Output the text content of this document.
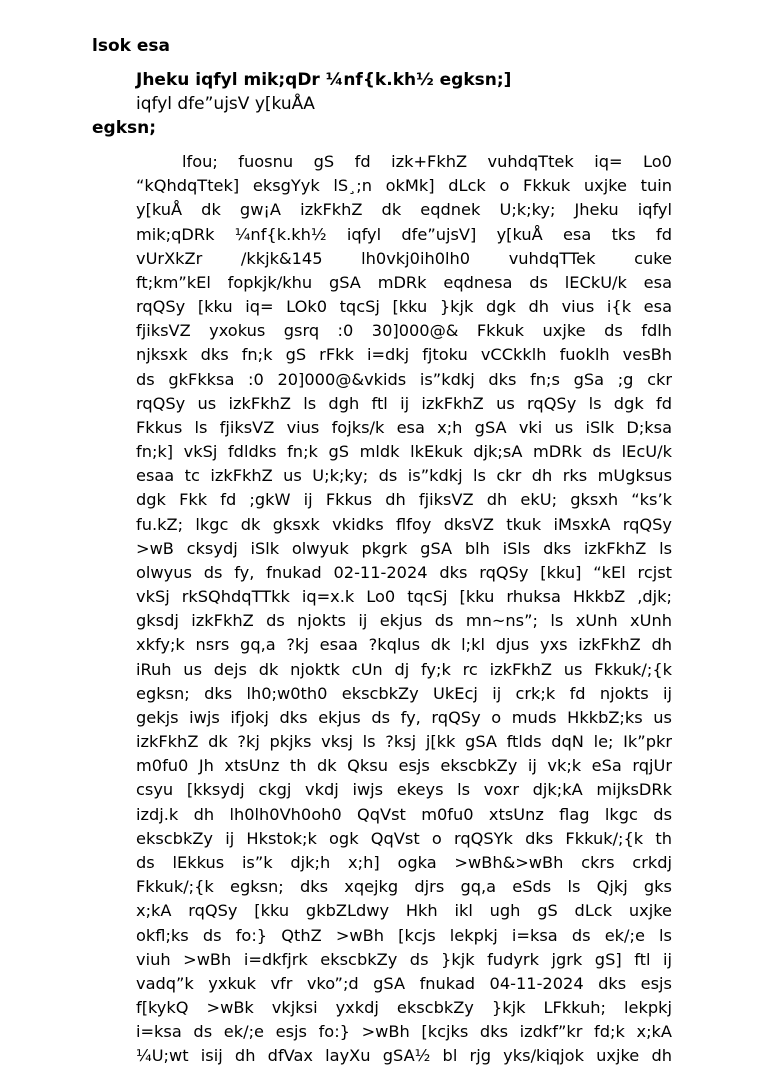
lsok esa
Jheku iqfyl mik;qDr ¼nf{k.kh½ egksn;]
iqfyl dfe”ujsV y[kuÅA
egksn;
lfou; fuosnu gS fd izk+FkhZ vuhdqTtek iq= Lo0
“kQhdqTtek] eksgYyk lS¸;n okMk] dLck o Fkkuk uxjke tuin
y[kuÅ dk gw¡A izkFkhZ dk eqdnek U;k;ky; Jheku iqfyl
mik;qDRk ¼nf{k.kh½ iqfyl dfe”ujsV] y[kuÅ esa tks fd
vUrXkZr /kkjk&145 lh0vkj0ih0lh0 vuhdqTTek cuke
ft;km”kEl fopkjk/khu gSA mDRk eqdnesa ds lECkU/k esa
rqQSy [kku iq= LOk0 tqcSj [kku }kjk dgk dh vius i{k esa
fjiksVZ yxokus gsrq :0 30]000@& Fkkuk uxjke ds fdlh
njksxk dks fn;k gS rFkk i=dkj fjtoku vCCkklh fuoklh vesBh
ds gkFkksa :0 20]000@&vkids is”kdkj dks fn;s gSa ;g ckr
rqQSy us izkFkhZ ls dgh ftl ij izkFkhZ us rqQSy ls dgk fd
Fkkus ls fjiksVZ vius fojks/k esa x;h gSA vki us iSlk D;ksa
fn;k] vkSj fdldks fn;k gS mldk lkEkuk djk;sA mDRk ds lEcU/k
esaa tc izkFkhZ us U;k;ky; ds is”kdkj ls ckr dh rks mUgksus
dgk Fkk fd ;gkW ij Fkkus dh fjiksVZ dh ekU; gksxh “ks’k
fu.kZ; lkgc dk gksxk vkidks flfoy dksVZ tkuk iMsxkA rqQSy
>wB cksydj iSlk olwyuk pkgrk gSA blh iSls dks izkFkhZ ls
olwyus ds fy, fnukad 02-11-2024 dks rqQSy [kku] “kEl rcjst
vkSj rkSQhdqTTkk iq=x.k Lo0 tqcSj [kku rhuksa HkkbZ ,djk;
gksdj izkFkhZ ds njokts ij ekjus ds mn~ns”; ls xUnh xUnh
xkfy;k nsrs gq,a ?kj esaa ?kqlus dk l;kl djus yxs izkFkhZ dh
iRuh us dejs dk njoktk cUn dj fy;k rc izkFkhZ us Fkkuk/;{k
egksn; dks lh0;w0th0 ekscbkZy UkEcj ij crk;k fd njokts ij
gekjs iwjs ifjokj dks ekjus ds fy, rqQSy o muds HkkbZ;ks us
izkFkhZ dk ?kj pkjks vksj ls ?ksj j[kk gSA ftlds dqN le; Ik”pkr
m0fu0 Jh xtsUnz th dk Qksu esjs ekscbkZy ij vk;k eSa rqjUr
csyu [kksydj ckgj vkdj iwjs ekeys ls voxr djk;kA mijksDRk
izdj.k dh lh0lh0Vh0oh0 QqVst m0fu0 xtsUnz flag lkgc ds
ekscbkZy ij Hkstok;k ogk QqVst o rqQSYk dks Fkkuk/;{k th
ds lEkkus is”k djk;h x;h] ogka >wBh&>wBh ckrs crkdj
Fkkuk/;{k egksn; dks xqejkg djrs gq,a eSds ls Qjkj gks
x;kA rqQSy [kku gkbZLdwy Hkh ikl ugh gS dLck uxjke
okfl;ks ds fo:} QthZ >wBh [kcjs lekpkj i=ksa ds ek/;e ls
viuh >wBh i=dkfjrk ekscbkZy ds }kjk fudyrk jgrk gS] ftl ij
vadq”k yxkuk vfr vko”;d gSA fnukad 04-11-2024 dks esjs
f[kykQ >wBk vkjksi yxkdj ekscbkZy }kjk LFkkuh; lekpkj
i=ksa ds ek/;e esjs fo:} >wBh [kcjks dks izdkf”kr fd;k x;kA
¼U;wt isij dh dfVax layXu gSA½ bl rjg yks/kiqjok uxjke dh
